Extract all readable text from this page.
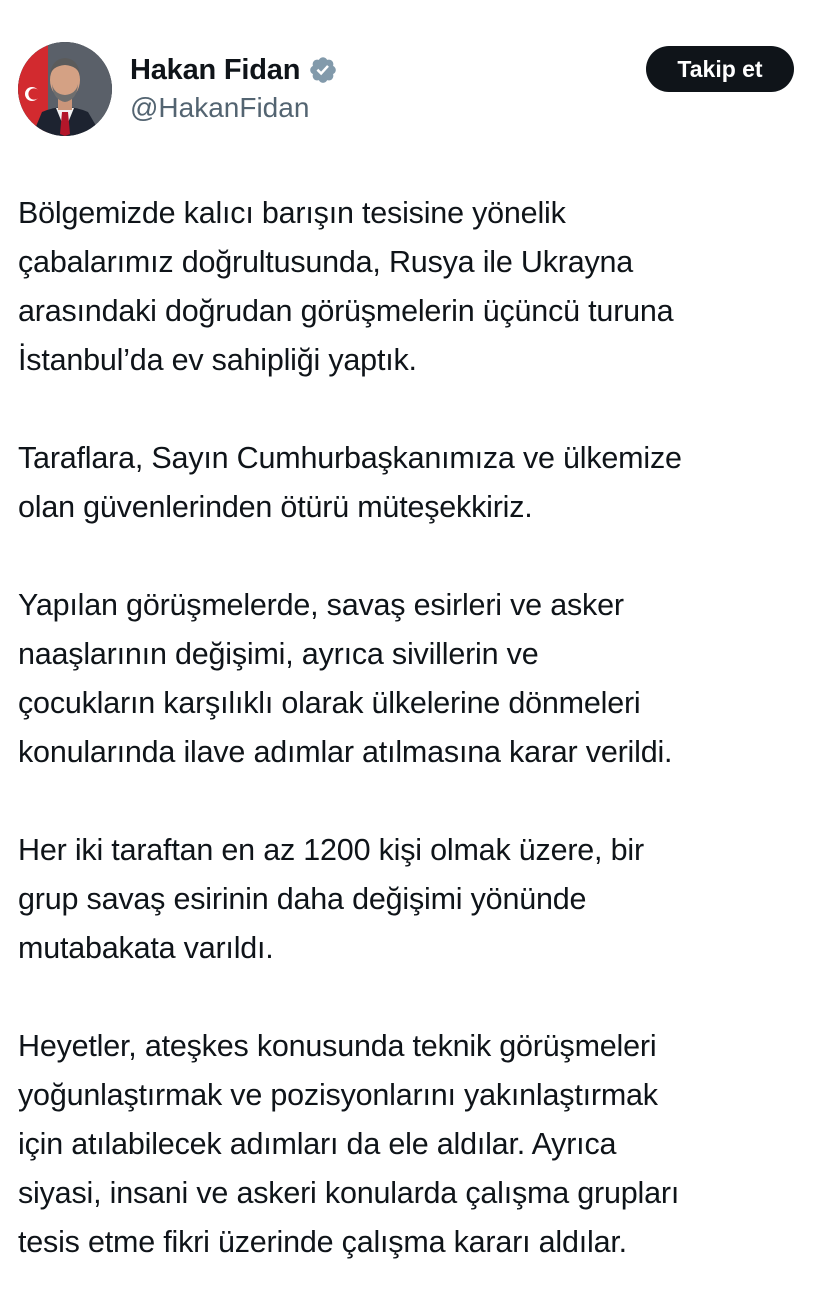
Hakan Fidan
@HakanFidan
Takip et

Bölgemizde kalıcı barışın tesisine yönelik
çabalarımız doğrultusunda, Rusya ile Ukrayna
arasındaki doğrudan görüşmelerin üçüncü turuna
İstanbul’da ev sahipliği yaptık.

Taraflara, Sayın Cumhurbaşkanımıza ve ülkemize
olan güvenlerinden ötürü müteşekkiriz.

Yapılan görüşmelerde, savaş esirleri ve asker
naaşlarının değişimi, ayrıca sivillerin ve
çocukların karşılıklı olarak ülkelerine dönmeleri
konularında ilave adımlar atılmasına karar verildi.

Her iki taraftan en az 1200 kişi olmak üzere, bir
grup savaş esirinin daha değişimi yönünde
mutabakata varıldı.

Heyetler, ateşkes konusunda teknik görüşmeleri
yoğunlaştırmak ve pozisyonlarını yakınlaştırmak
için atılabilecek adımları da ele aldılar. Ayrıca
siyasi, insani ve askeri konularda çalışma grupları
tesis etme fikri üzerinde çalışma kararı aldılar.
